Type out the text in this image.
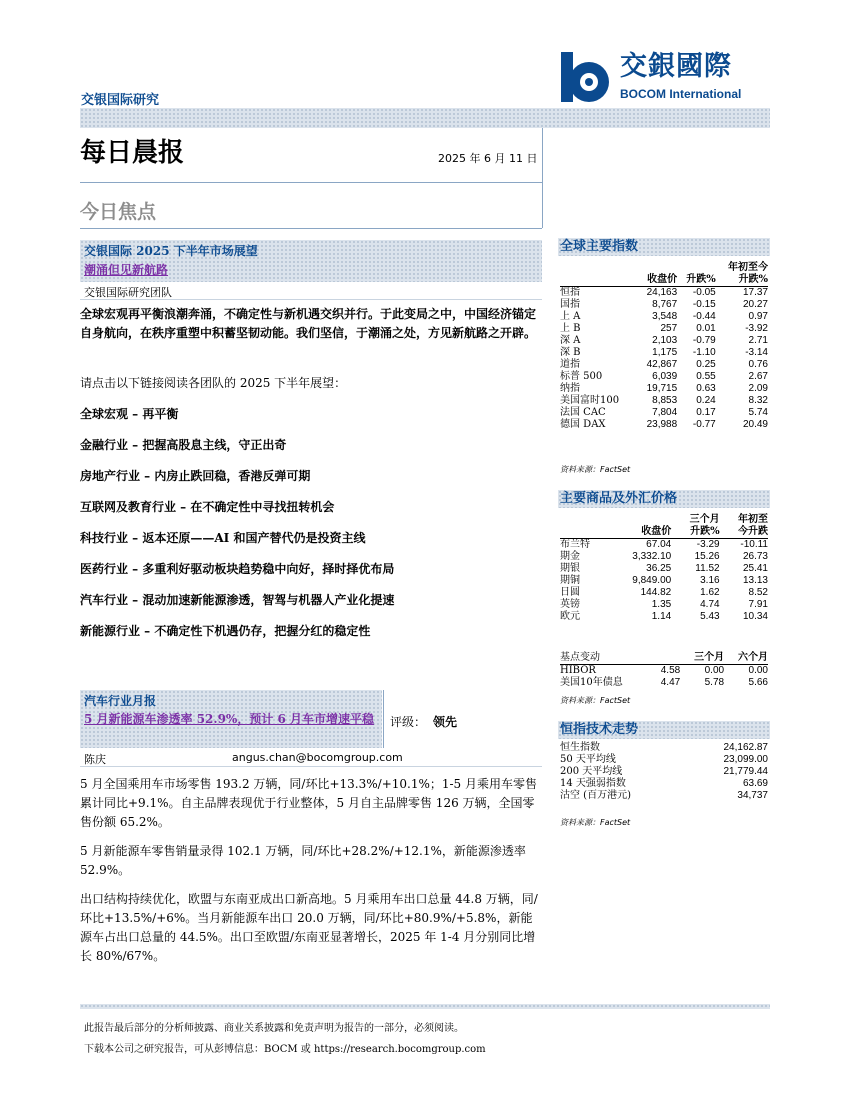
交银国际研究
交銀國際
BOCOM International
每日晨报	2025 年 6 月 11 日
今日焦点
交银国际 2025 下半年市场展望
潮涌但见新航路
交银国际研究团队
全球宏观再平衡浪潮奔涌，不确定性与新机遇交织并行。于此变局之中，中国经济锚定自身航向，在秩序重塑中积蓄坚韧动能。我们坚信，于潮涌之处，方见新航路之开辟。
请点击以下链接阅读各团队的 2025 下半年展望：
全球宏观 – 再平衡
金融行业 – 把握高股息主线，守正出奇
房地产行业 – 内房止跌回稳，香港反弹可期
互联网及教育行业 – 在不确定性中寻找扭转机会
科技行业 – 返本还原——AI 和国产替代仍是投资主线
医药行业 – 多重利好驱动板块趋势稳中向好，择时择优布局
汽车行业 – 混动加速新能源渗透，智驾与机器人产业化提速
新能源行业 – 不确定性下机遇仍存，把握分红的稳定性
汽车行业月报
5 月新能源车渗透率 52.9%，预计 6 月车市增速平稳 评级： 领先
陈庆	angus.chan@bocomgroup.com
5 月全国乘用车市场零售 193.2 万辆，同/环比+13.3%/+10.1%；1-5 月乘用车零售累计同比+9.1%。自主品牌表现优于行业整体，5 月自主品牌零售 126 万辆，全国零售份额 65.2%。
5 月新能源车零售销量录得 102.1 万辆，同/环比+28.2%/+12.1%，新能源渗透率 52.9%。
出口结构持续优化，欧盟与东南亚成出口新高地。5 月乘用车出口总量 44.8 万辆，同/环比+13.5%/+6%。当月新能源车出口 20.0 万辆，同/环比+80.9%/+5.8%，新能源车占出口总量的 44.5%。出口至欧盟/东南亚显著增长，2025 年 1-4 月分别同比增长 80%/67%。
全球主要指数
			年初至今
	收盘价	升跌%	升跌%
恒指	24,163	-0.05	17.37
国指	8,767	-0.15	20.27
上 A	3,548	-0.44	0.97
上 B	257	0.01	-3.92
深 A	2,103	-0.79	2.71
深 B	1,175	-1.10	-3.14
道指	42,867	0.25	0.76
标普 500	6,039	0.55	2.67
纳指	19,715	0.63	2.09
美国富时100	8,853	0.24	8.32
法国 CAC	7,804	0.17	5.74
德国 DAX	23,988	-0.77	20.49
资料来源：FactSet
主要商品及外汇价格
		三个月	年初至
	收盘价	升跌%	今升跌
布兰特	67.04	-3.29	-10.11
期金	3,332.10	15.26	26.73
期银	36.25	11.52	25.41
期铜	9,849.00	3.16	13.13
日圆	144.82	1.62	8.52
英镑	1.35	4.74	7.91
欧元	1.14	5.43	10.34
基点变动		三个月	六个月
HIBOR	4.58	0.00	0.00
美国10年债息	4.47	5.78	5.66
资料来源：FactSet
恒指技术走势
恒生指数	24,162.87
50 天平均线	23,099.00
200 天平均线	21,779.44
14 天强弱指数	63.69
沽空 (百万港元)	34,737
资料来源：FactSet
此报告最后部分的分析师披露、商业关系披露和免责声明为报告的一部分，必须阅读。
下载本公司之研究报告，可从彭博信息：BOCM 或 https://research.bocomgroup.com
